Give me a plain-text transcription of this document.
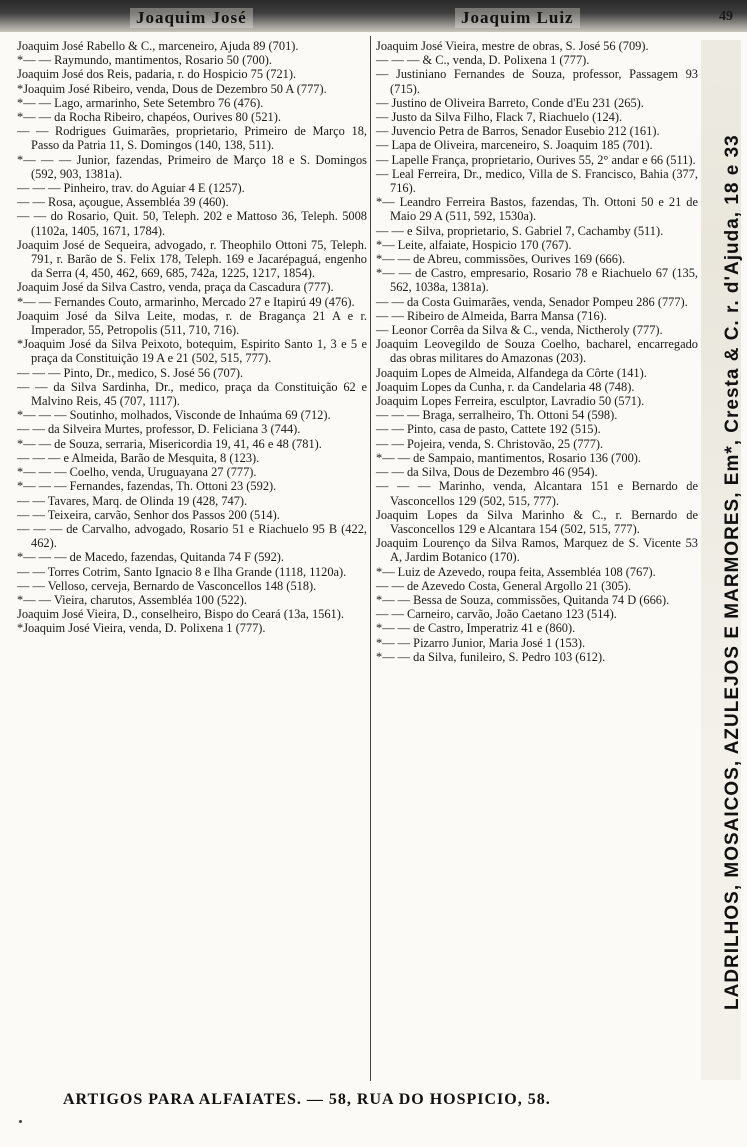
Joaquim José	Joaquim Luiz	49
Joaquim José Rabello & C., marceneiro, Ajuda 89 (701).
*— — Raymundo, mantimentos, Rosario 50 (700).
Joaquim José dos Reis, padaria, r. do Hospicio 75 (721).
*Joaquim José Ribeiro, venda, Dous de Dezembro 50 A (777).
*— — Lago, armarinho, Sete Setembro 76 (476).
*— — da Rocha Ribeiro, chapéos, Ourives 80 (521).
— — Rodrigues Guimarães, proprietario, Primeiro de Março 18, Passo da Patria 11, S. Domingos (140, 138, 511).
*— — — Junior, fazendas, Primeiro de Março 18 e S. Domingos (592, 903, 1381a).
— — — Pinheiro, trav. do Aguiar 4 E (1257).
— — Rosa, açougue, Assembléa 39 (460).
— — do Rosario, Quit. 50, Teleph. 202 e Mattoso 36, Teleph. 5008 (1102a, 1405, 1671, 1784).
Joaquim José de Sequeira, advogado, r. Theophilo Ottoni 75, Teleph. 791, r. Barão de S. Felix 178, Teleph. 169 e Jacarépaguá, engenho da Serra (4, 450, 462, 669, 685, 742a, 1225, 1217, 1854).
Joaquim José da Silva Castro, venda, praça da Cascadura (777).
*— — Fernandes Couto, armarinho, Mercado 27 e Itapirú 49 (476).
Joaquim José da Silva Leite, modas, r. de Bragança 21 A e r. Imperador, 55, Petropolis (511, 710, 716).
*Joaquim José da Silva Peixoto, botequim, Espirito Santo 1, 3 e 5 e praça da Constituição 19 A e 21 (502, 515, 777).
— — — Pinto, Dr., medico, S. José 56 (707).
— — da Silva Sardinha, Dr., medico, praça da Constituição 62 e Malvino Reis, 45 (707, 1117).
*— — — Soutinho, molhados, Visconde de Inhaúma 69 (712).
— — da Silveira Murtes, professor, D. Feliciana 3 (744).
*— — de Souza, serraria, Misericordia 19, 41, 46 e 48 (781).
— — — e Almeida, Barão de Mesquita, 8 (123).
*— — — Coelho, venda, Uruguayana 27 (777).
*— — — Fernandes, fazendas, Th. Ottoni 23 (592).
— — Tavares, Marq. de Olinda 19 (428, 747).
— — Teixeira, carvão, Senhor dos Passos 200 (514).
— — — de Carvalho, advogado, Rosario 51 e Riachuelo 95 B (422, 462).
*— — — de Macedo, fazendas, Quitanda 74 F (592).
— — Torres Cotrim, Santo Ignacio 8 e Ilha Grande (1118, 1120a).
— — Velloso, cerveja, Bernardo de Vasconcellos 148 (518).
*— — Vieira, charutos, Assembléa 100 (522).
Joaquim José Vieira, D., conselheiro, Bispo do Ceará (13a, 1561).
*Joaquim José Vieira, venda, D. Polixena 1 (777).
Joaquim José Vieira, mestre de obras, S. José 56 (709).
— — — & C., venda, D. Polixena 1 (777).
— Justiniano Fernandes de Souza, professor, Passagem 93 (715).
— Justino de Oliveira Barreto, Conde d'Eu 231 (265).
— Justo da Silva Filho, Flack 7, Riachuelo (124).
— Juvencio Petra de Barros, Senador Eusebio 212 (161).
— Lapa de Oliveira, marceneiro, S. Joaquim 185 (701).
— Lapelle França, proprietario, Ourives 55, 2° andar e 66 (511).
— Leal Ferreira, Dr., medico, Villa de S. Francisco, Bahia (377, 716).
*— Leandro Ferreira Bastos, fazendas, Th. Ottoni 50 e 21 de Maio 29 A (511, 592, 1530a).
— — e Silva, proprietario, S. Gabriel 7, Cachamby (511).
*— Leite, alfaiate, Hospicio 170 (767).
*— — de Abreu, commissões, Ourives 169 (666).
*— — de Castro, empresario, Rosario 78 e Riachuelo 67 (135, 562, 1038a, 1381a).
— — da Costa Guimarães, venda, Senador Pompeu 286 (777).
— — Ribeiro de Almeida, Barra Mansa (716).
— Leonor Corrêa da Silva & C., venda, Nictheroly (777).
Joaquim Leovegildo de Souza Coelho, bacharel, encarregado das obras militares do Amazonas (203).
Joaquim Lopes de Almeida, Alfandega da Côrte (141).
Joaquim Lopes da Cunha, r. da Candelaria 48 (748).
Joaquim Lopes Ferreira, esculptor, Lavradio 50 (571).
— — — Braga, serralheiro, Th. Ottoni 54 (598).
— — Pinto, casa de pasto, Cattete 192 (515).
— — Pojeira, venda, S. Christovão, 25 (777).
*— — de Sampaio, mantimentos, Rosario 136 (700).
— — da Silva, Dous de Dezembro 46 (954).
— — — Marinho, venda, Alcantara 151 e Bernardo de Vasconcellos 129 (502, 515, 777).
Joaquim Lopes da Silva Marinho & C., r. Bernardo de Vasconcellos 129 e Alcantara 154 (502, 515, 777).
Joaquim Lourenço da Silva Ramos, Marquez de S. Vicente 53 A, Jardim Botanico (170).
*— Luiz de Azevedo, roupa feita, Assembléa 108 (767).
— — de Azevedo Costa, General Argollo 21 (305).
*— — Bessa de Souza, commissões, Quitanda 74 D (666).
— — Carneiro, carvão, João Caetano 123 (514).
*— — de Castro, Imperatriz 41 e (860).
*— — Pizarro Junior, Maria José 1 (153).
*— — da Silva, funileiro, S. Pedro 103 (612).	LADRILHOS, MOSAICOS, AZULEJOS E MARMORES, Em*, Cresta & C. r. d'Ajuda, 18 e 33
ARTIGOS PARA ALFAIATES. — 58, RUA DO HOSPICIO, 58.
